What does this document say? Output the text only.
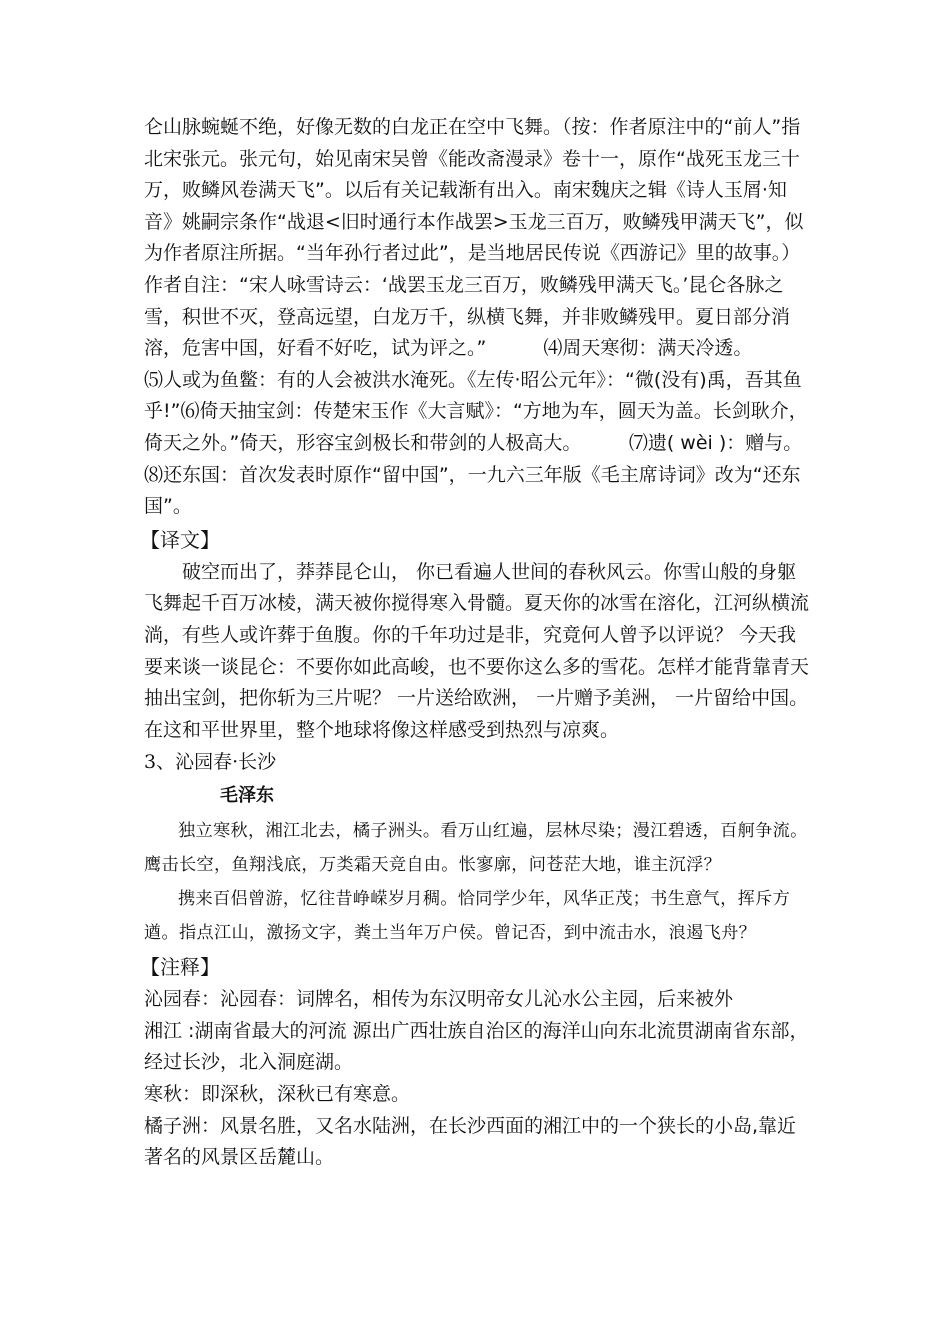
仑山脉蜿蜒不绝，好像无数的白龙正在空中飞舞。（按：作者原注中的“前人”指北宋张元。张元句，始见南宋吴曾《能改斋漫录》卷十一，原作“战死玉龙三十万，败鳞风卷满天飞”。以后有关记载渐有出入。南宋魏庆之辑《诗人玉屑·知音》姚嗣宗条作“战退<旧时通行本作战罢>玉龙三百万，败鳞残甲满天飞”，似为作者原注所据。“当年孙行者过此”，是当地居民传说《西游记》里的故事。）作者自注：“宋人咏雪诗云：‘战罢玉龙三百万，败鳞残甲满天飞。’昆仑各脉之雪，积世不灭，登高远望，白龙万千，纵横飞舞，并非败鳞残甲。夏日部分消溶，危害中国，好看不好吃，试为评之。”　　　⑷周天寒彻：满天冷透。　　　⑸人或为鱼鳖：有的人会被洪水淹死。《左传·昭公元年》：“微(没有)禹，吾其鱼乎!”⑹倚天抽宝剑：传楚宋玉作《大言赋》：“方地为车，圆天为盖。长剑耿介，倚天之外。”倚天，形容宝剑极长和带剑的人极高大。　　　⑺遗( wèi )：赠与。　　　⑻还东国：首次发表时原作“留中国”，一九六三年版《毛主席诗词》改为“还东国”。

【译文】

破空而出了，莽莽昆仑山， 你已看遍人世间的春秋风云。你雪山般的身躯飞舞起千百万冰棱，满天被你搅得寒入骨髓。夏天你的冰雪在溶化，江河纵横流淌，有些人或许葬于鱼腹。你的千年功过是非，究竟何人曾予以评说？ 今天我要来谈一谈昆仑：不要你如此高峻，也不要你这么多的雪花。怎样才能背靠青天抽出宝剑，把你斩为三片呢？ 一片送给欧洲， 一片赠予美洲， 一片留给中国。在这和平世界里，整个地球将像这样感受到热烈与凉爽。

3、沁园春·长沙

毛泽东

独立寒秋，湘江北去，橘子洲头。看万山红遍，层林尽染；漫江碧透，百舸争流。鹰击长空，鱼翔浅底，万类霜天竞自由。怅寥廓，问苍茫大地，谁主沉浮？

携来百侣曾游，忆往昔峥嵘岁月稠。恰同学少年，风华正茂；书生意气，挥斥方遒。指点江山，激扬文字，粪土当年万户侯。曾记否，到中流击水，浪遏飞舟？

【注释】

沁园春：沁园春：词牌名，相传为东汉明帝女儿沁水公主园，后来被外

湘江 :湖南省最大的河流 源出广西壮族自治区的海洋山向东北流贯湖南省东部，经过长沙，北入洞庭湖。

寒秋：即深秋，深秋已有寒意。

橘子洲：风景名胜，又名水陆洲，在长沙西面的湘江中的一个狭长的小岛,靠近著名的风景区岳麓山。
